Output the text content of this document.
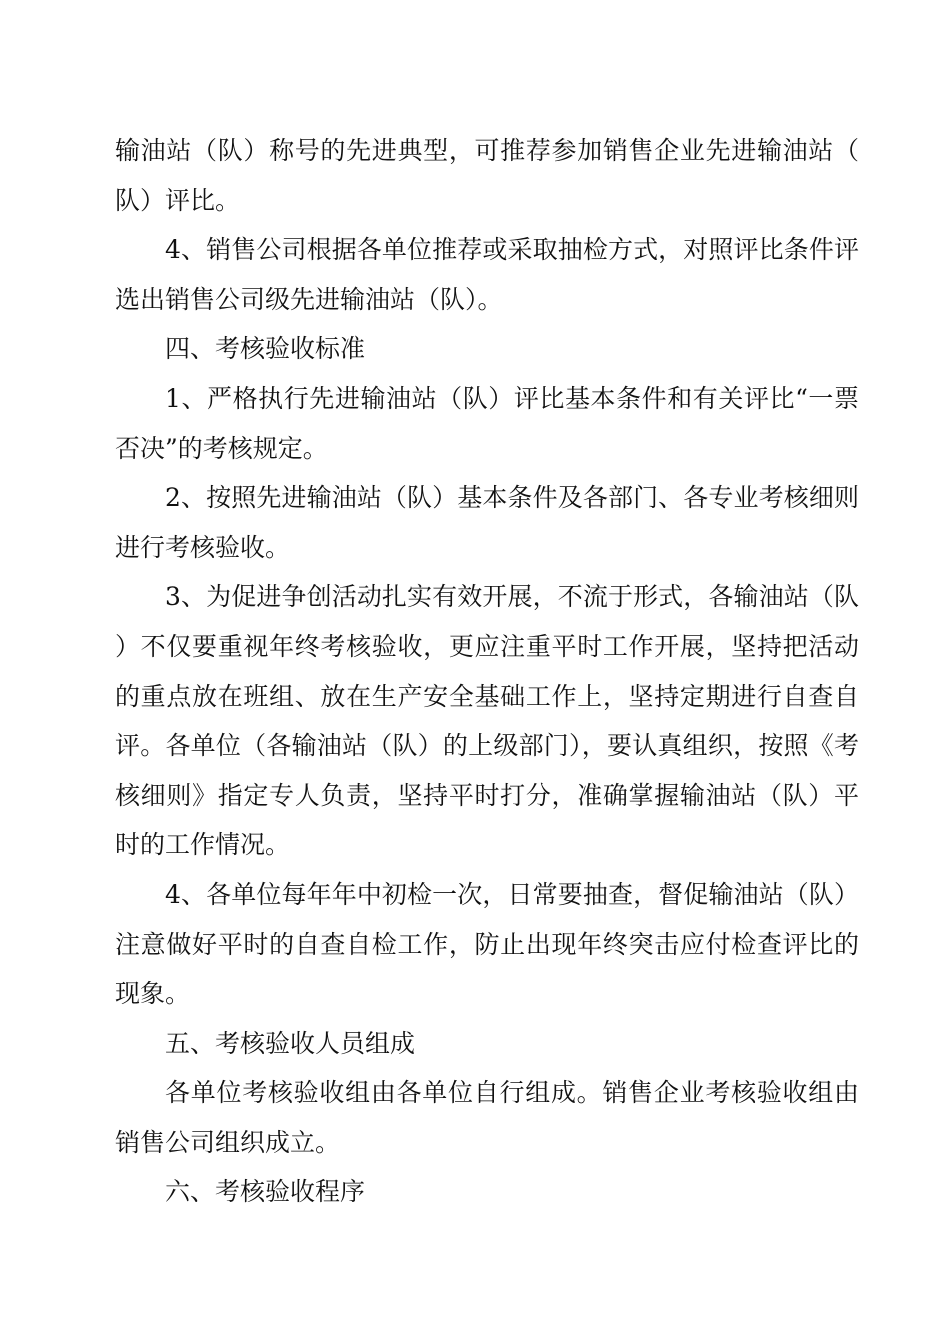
输油站（队）称号的先进典型，可推荐参加销售企业先进输油站（队）评比。

4、销售公司根据各单位推荐或采取抽检方式，对照评比条件评选出销售公司级先进输油站（队）。

四、考核验收标准

1、严格执行先进输油站（队）评比基本条件和有关评比“一票否决”的考核规定。

2、按照先进输油站（队）基本条件及各部门、各专业考核细则进行考核验收。

3、为促进争创活动扎实有效开展，不流于形式，各输油站（队）不仅要重视年终考核验收，更应注重平时工作开展，坚持把活动的重点放在班组、放在生产安全基础工作上，坚持定期进行自查自评。各单位（各输油站（队）的上级部门），要认真组织，按照《考核细则》指定专人负责，坚持平时打分，准确掌握输油站（队）平时的工作情况。

4、各单位每年年中初检一次，日常要抽查，督促输油站（队）注意做好平时的自查自检工作，防止出现年终突击应付检查评比的现象。

五、考核验收人员组成

各单位考核验收组由各单位自行组成。销售企业考核验收组由销售公司组织成立。

六、考核验收程序
